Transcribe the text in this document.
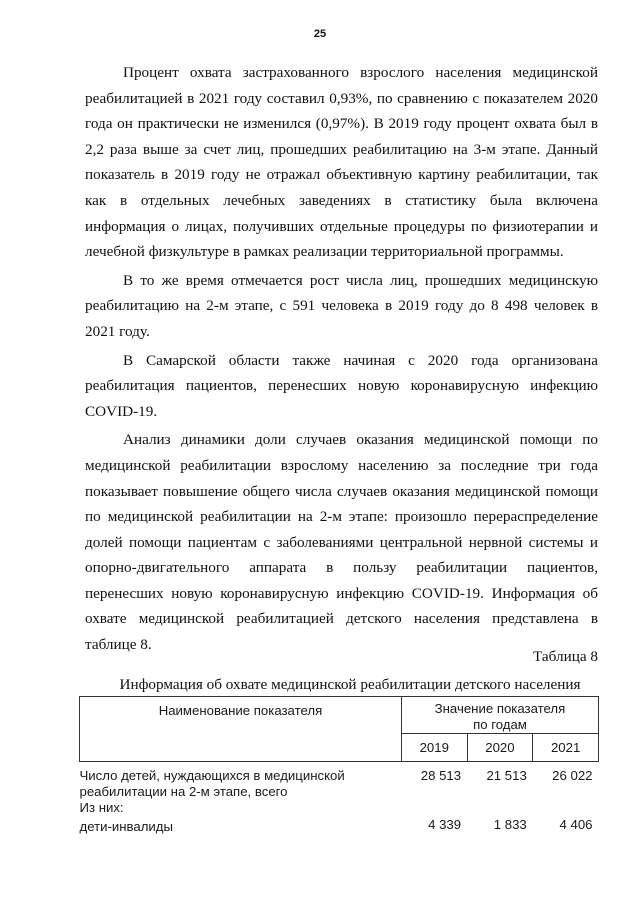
25

Процент охвата застрахованного взрослого населения медицинской реабилитацией в 2021 году составил 0,93%, по сравнению с показателем 2020 года он практически не изменился (0,97%). В 2019 году процент охвата был в 2,2 раза выше за счет лиц, прошедших реабилитацию на 3-м этапе. Данный показатель в 2019 году не отражал объективную картину реабилитации, так как в отдельных лечебных заведениях в статистику была включена информация о лицах, получивших отдельные процедуры по физиотерапии и лечебной физкультуре в рамках реализации территориальной программы.

В то же время отмечается рост числа лиц, прошедших медицинскую реабилитацию на 2-м этапе, с 591 человека в 2019 году до 8 498 человек в 2021 году.

В Самарской области также начиная с 2020 года организована реабилитация пациентов, перенесших новую коронавирусную инфекцию COVID-19.

Анализ динамики доли случаев оказания медицинской помощи по медицинской реабилитации взрослому населению за последние три года показывает повышение общего числа случаев оказания медицинской помощи по медицинской реабилитации на 2-м этапе: произошло перераспределение долей помощи пациентам с заболеваниями центральной нервной системы и опорно-двигательного аппарата в пользу реабилитации пациентов, перенесших новую коронавирусную инфекцию COVID-19. Информация об охвате медицинской реабилитацией детского населения представлена в таблице 8.

Таблица 8
Информация об охвате медицинской реабилитации детского населения
Наименование показателя	Значение показателя
по годам		
	2019	2020	2021
Число детей, нуждающихся в медицинской реабилитации на 2-м этапе, всего	28 513	21 513	26 022

Из них:
дети-инвалиды	4 339	1 833	4 406
